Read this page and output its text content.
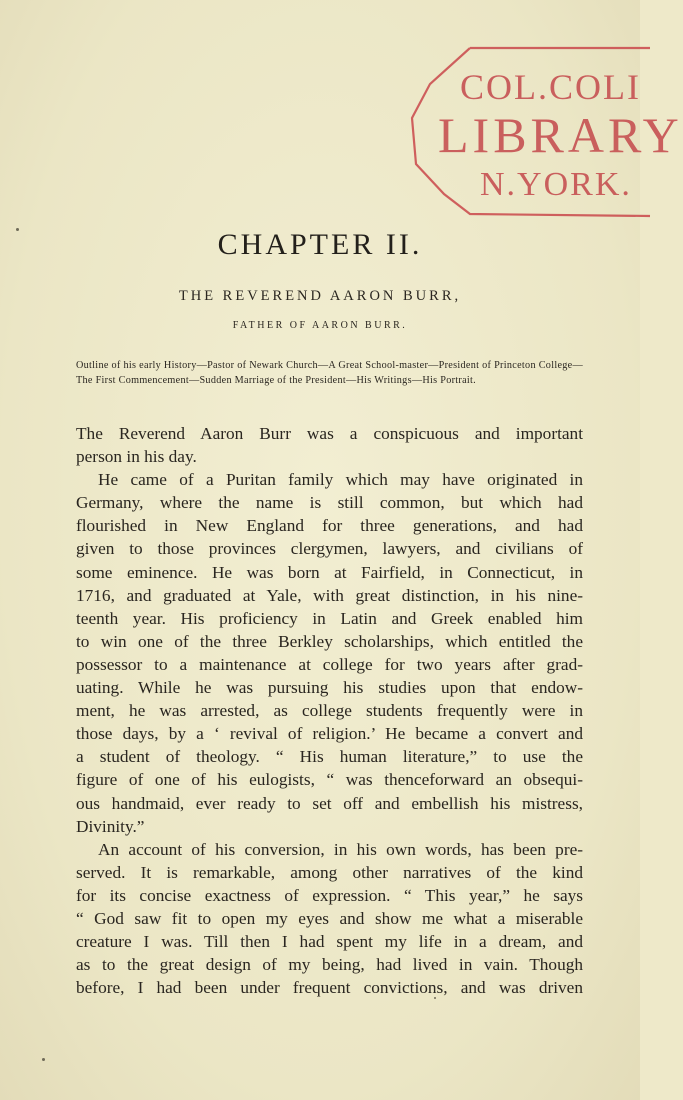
COL.COLI
LIBRARY
N.YORK.
CHAPTER II.
THE REVEREND AARON BURR,
FATHER OF AARON BURR.
Outline of his early History—Pastor of Newark Church—A Great School-master—President of Princeton College—The First Commencement—Sudden Marriage of the President—His Writings—His Portrait.
The Reverend Aaron Burr was a conspicuous and important
person in his day.
He came of a Puritan family which may have originated in
Germany, where the name is still common, but which had
flourished in New England for three generations, and had
given to those provinces clergymen, lawyers, and civilians of
some eminence. He was born at Fairfield, in Connecticut, in
1716, and graduated at Yale, with great distinction, in his nine-
teenth year. His proficiency in Latin and Greek enabled him
to win one of the three Berkley scholarships, which entitled the
possessor to a maintenance at college for two years after grad-
uating. While he was pursuing his studies upon that endow-
ment, he was arrested, as college students frequently were in
those days, by a ‘ revival of religion.’ He became a convert and
a student of theology. “ His human literature,” to use the
figure of one of his eulogists, “ was thenceforward an obsequi-
ous handmaid, ever ready to set off and embellish his mistress,
Divinity.”
An account of his conversion, in his own words, has been pre-
served. It is remarkable, among other narratives of the kind
for its concise exactness of expression. “ This year,” he says
“ God saw fit to open my eyes and show me what a miserable
creature I was. Till then I had spent my life in a dream, and
as to the great design of my being, had lived in vain. Though
before, I had been under frequent convictions, and was driven
